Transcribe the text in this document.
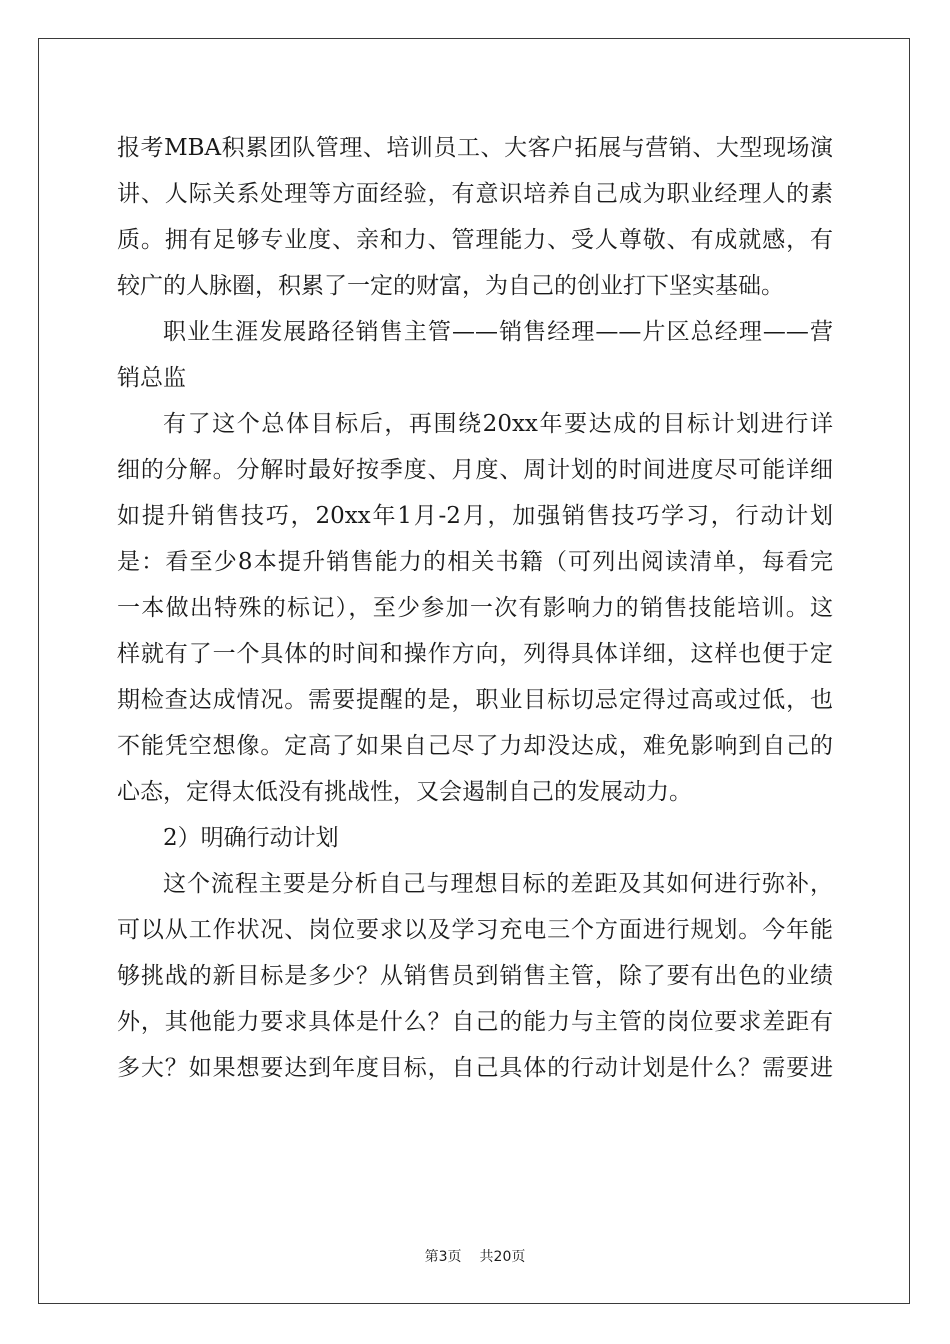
报考MBA积累团队管理、培训员工、大客户拓展与营销、大型现场演
讲、人际关系处理等方面经验，有意识培养自己成为职业经理人的素
质。拥有足够专业度、亲和力、管理能力、受人尊敬、有成就感，有
较广的人脉圈，积累了一定的财富，为自己的创业打下坚实基础。
职业生涯发展路径销售主管——销售经理——片区总经理——营
销总监
有了这个总体目标后，再围绕20xx年要达成的目标计划进行详
细的分解。分解时最好按季度、月度、周计划的时间进度尽可能详细
如提升销售技巧，20xx年1月-2月，加强销售技巧学习，行动计划
是：看至少8本提升销售能力的相关书籍（可列出阅读清单，每看完
一本做出特殊的标记），至少参加一次有影响力的销售技能培训。这
样就有了一个具体的时间和操作方向，列得具体详细，这样也便于定
期检查达成情况。需要提醒的是，职业目标切忌定得过高或过低，也
不能凭空想像。定高了如果自己尽了力却没达成，难免影响到自己的
心态，定得太低没有挑战性，又会遏制自己的发展动力。
2）明确行动计划
这个流程主要是分析自己与理想目标的差距及其如何进行弥补，
可以从工作状况、岗位要求以及学习充电三个方面进行规划。今年能
够挑战的新目标是多少？从销售员到销售主管，除了要有出色的业绩
外，其他能力要求具体是什么？自己的能力与主管的岗位要求差距有
多大？如果想要达到年度目标，自己具体的行动计划是什么？需要进
第3页 共20页
